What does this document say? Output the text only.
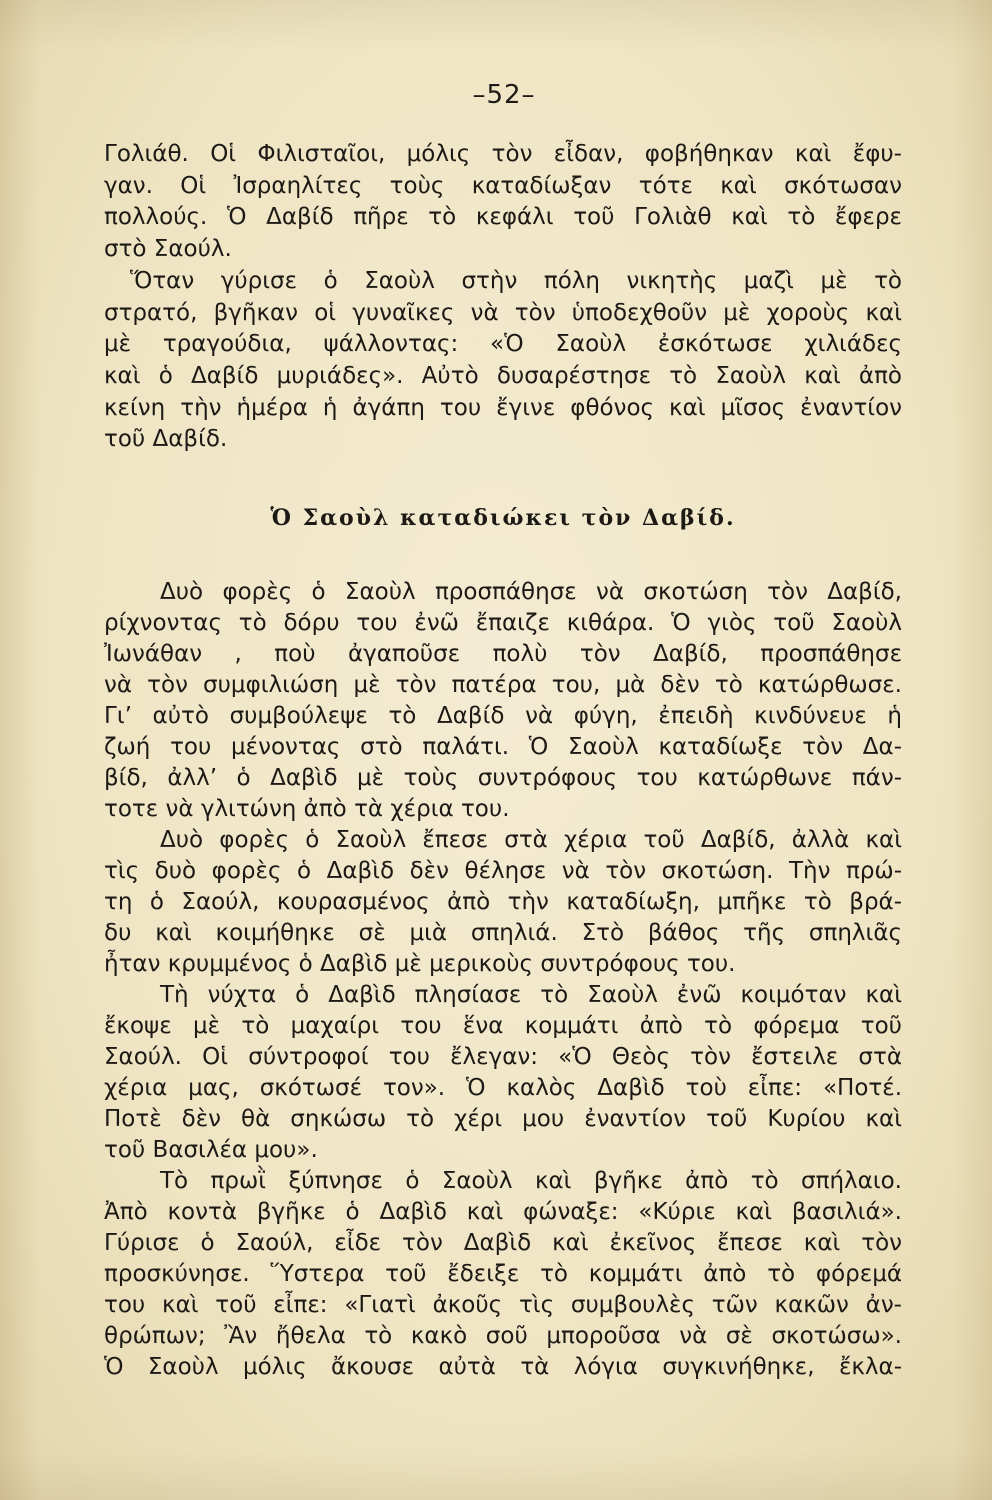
–52–
Γολιάθ. Οἱ Φιλισταῖοι, μόλις τὸν εἶδαν, φοβήθηκαν καὶ ἔφυ-
γαν. Οἱ Ἰσραηλίτες τοὺς καταδίωξαν τότε καὶ σκότωσαν
πολλούς. Ὁ Δαβίδ πῆρε τὸ κεφάλι τοῦ Γολιὰθ καὶ τὸ ἔφερε
στὸ Σαούλ.
Ὅταν γύρισε ὁ Σαοὺλ στὴν πόλη νικητὴς μαζὶ μὲ τὸ
στρατό, βγῆκαν οἱ γυναῖκες νὰ τὸν ὑποδεχθοῦν μὲ χοροὺς καὶ
μὲ τραγούδια, ψάλλοντας: «Ὁ Σαοὺλ ἐσκότωσε χιλιάδες
καὶ ὁ Δαβίδ μυριάδες». Αὐτὸ δυσαρέστησε τὸ Σαοὺλ καὶ ἀπὸ
κείνη τὴν ἡμέρα ἡ ἀγάπη του ἔγινε φθόνος καὶ μῖσος ἐναντίον
τοῦ Δαβίδ.
Ὁ Σαοὺλ καταδιώκει τὸν Δαβίδ.
Δυὸ φορὲς ὁ Σαοὺλ προσπάθησε νὰ σκοτώση τὸν Δαβίδ,
ρίχνοντας τὸ δόρυ του ἐνῶ ἔπαιζε κιθάρα. Ὁ γιὸς τοῦ Σαοὺλ
Ἰωνάθαν , ποὺ ἀγαποῦσε πολὺ τὸν Δαβίδ, προσπάθησε
νὰ τὸν συμφιλιώση μὲ τὸν πατέρα του, μὰ δὲν τὸ κατώρθωσε.
Γι’ αὐτὸ συμβούλεψε τὸ Δαβίδ νὰ φύγη, ἐπειδὴ κινδύνευε ἡ
ζωή του μένοντας στὸ παλάτι. Ὁ Σαοὺλ καταδίωξε τὸν Δα-
βίδ, ἀλλ’ ὁ Δαβὶδ μὲ τοὺς συντρόφους του κατώρθωνε πάν-
τοτε νὰ γλιτώνη ἀπὸ τὰ χέρια του.
Δυὸ φορὲς ὁ Σαοὺλ ἔπεσε στὰ χέρια τοῦ Δαβίδ, ἀλλὰ καὶ
τὶς δυὸ φορὲς ὁ Δαβὶδ δὲν θέλησε νὰ τὸν σκοτώση. Τὴν πρώ-
τη ὁ Σαούλ, κουρασμένος ἀπὸ τὴν καταδίωξη, μπῆκε τὸ βρά-
δυ καὶ κοιμήθηκε σὲ μιὰ σπηλιά. Στὸ βάθος τῆς σπηλιᾶς
ἦταν κρυμμένος ὁ Δαβὶδ μὲ μερικοὺς συντρόφους του.
Τὴ νύχτα ὁ Δαβὶδ πλησίασε τὸ Σαοὺλ ἐνῶ κοιμόταν καὶ
ἔκοψε μὲ τὸ μαχαίρι του ἕνα κομμάτι ἀπὸ τὸ φόρεμα τοῦ
Σαούλ. Οἱ σύντροφοί του ἔλεγαν: «Ὁ Θεὸς τὸν ἔστειλε στὰ
χέρια μας, σκότωσέ τον». Ὁ καλὸς Δαβὶδ τοὺ εἶπε: «Ποτέ.
Ποτὲ δὲν θὰ σηκώσω τὸ χέρι μου ἐναντίον τοῦ Κυρίου καὶ
τοῦ Βασιλέα μου».
Τὸ πρωῒ ξύπνησε ὁ Σαοὺλ καὶ βγῆκε ἀπὸ τὸ σπήλαιο.
Ἀπὸ κοντὰ βγῆκε ὁ Δαβὶδ καὶ φώναξε: «Κύριε καὶ βασιλιά».
Γύρισε ὁ Σαούλ, εἶδε τὸν Δαβὶδ καὶ ἐκεῖνος ἔπεσε καὶ τὸν
προσκύνησε. Ὕστερα τοῦ ἔδειξε τὸ κομμάτι ἀπὸ τὸ φόρεμά
του καὶ τοῦ εἶπε: «Γιατὶ ἀκοῦς τὶς συμβουλὲς τῶν κακῶν ἀν-
θρώπων; Ἂν ἤθελα τὸ κακὸ σοῦ μποροῦσα νὰ σὲ σκοτώσω».
Ὁ Σαοὺλ μόλις ἄκουσε αὐτὰ τὰ λόγια συγκινήθηκε, ἔκλα-
